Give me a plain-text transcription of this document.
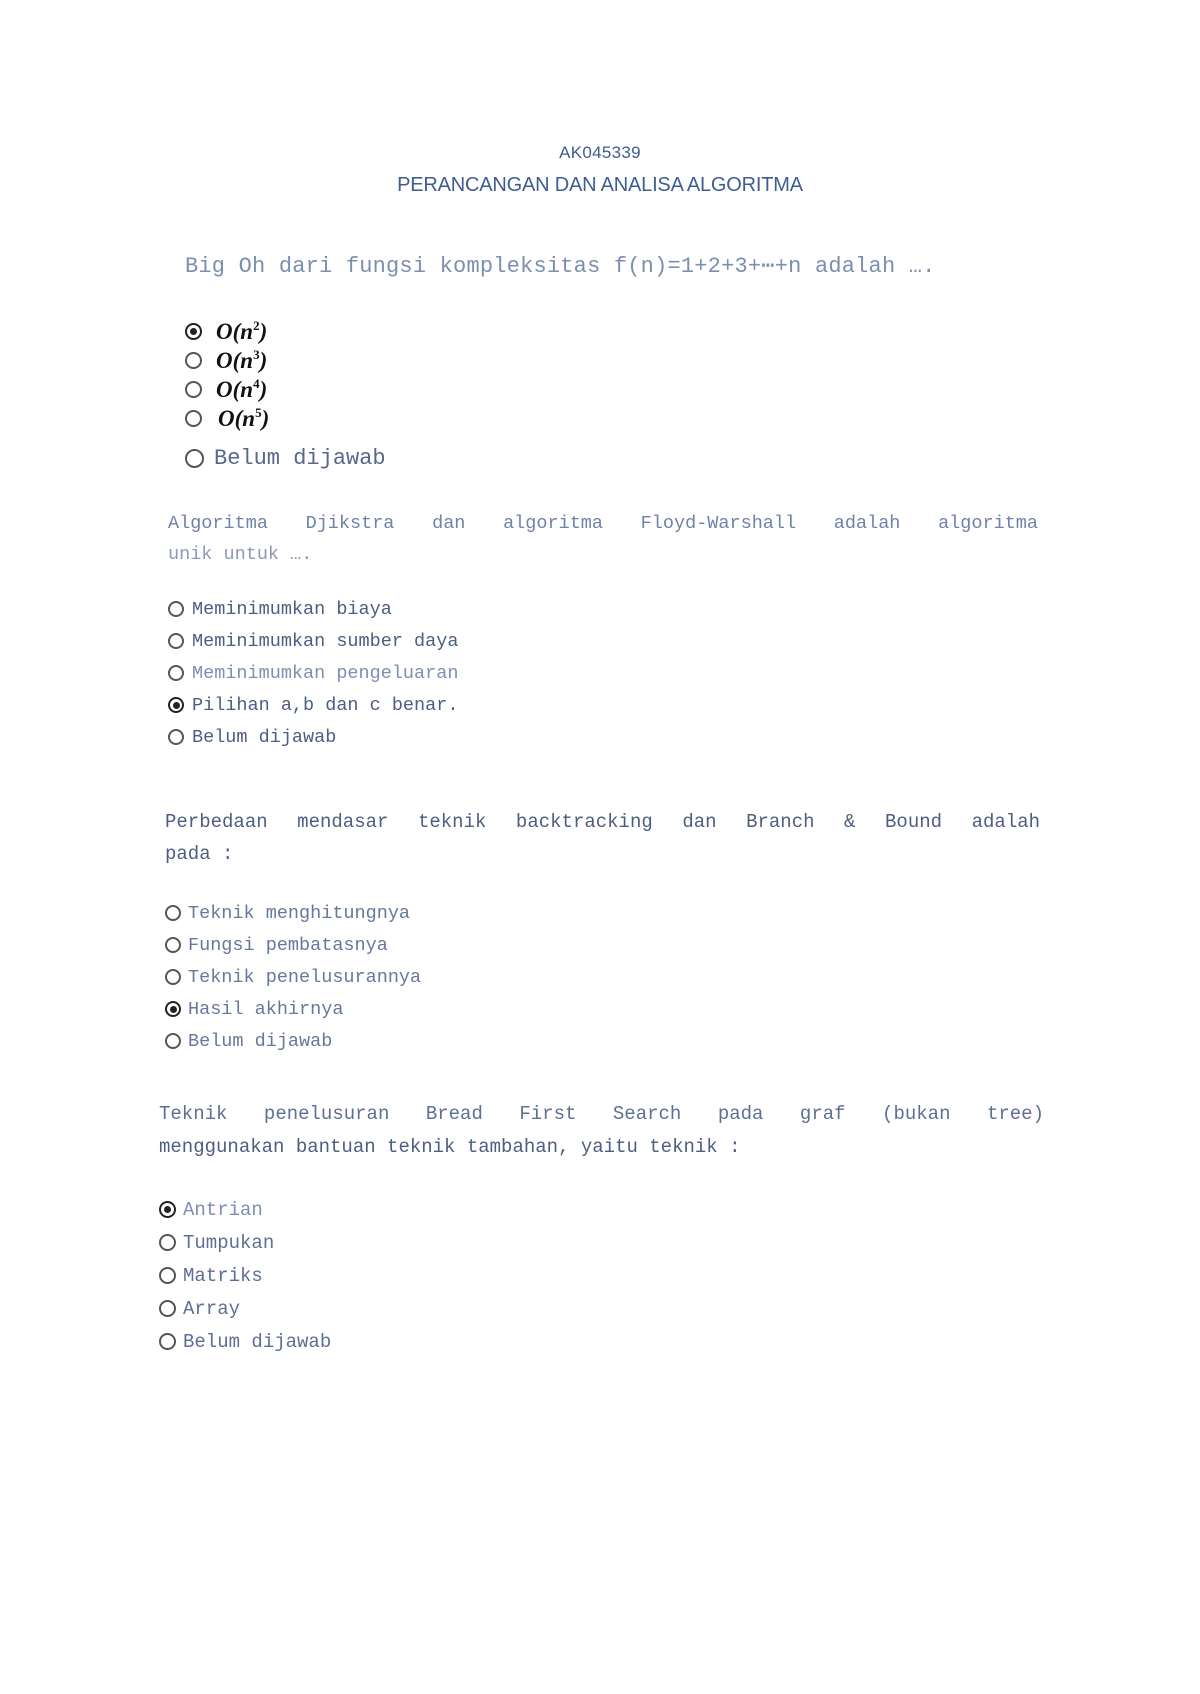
AK045339
PERANCANGAN DAN ANALISA ALGORITMA

Big Oh dari fungsi kompleksitas f(n)=1+2+3+⋯+n adalah ….

$O(n^2)$
$O(n^3)$
$O(n^4)$
$O(n^5)$
Belum dijawab

Algoritma Djikstra dan algoritma Floyd-Warshall adalah algoritma

unik untuk ….

Meminimumkan biaya
Meminimumkan sumber daya
Meminimumkan pengeluaran
Pilihan a,b dan c benar.
Belum dijawab

Perbedaan mendasar teknik backtracking dan Branch & Bound adalah

pada :

Teknik menghitungnya
Fungsi pembatasnya
Teknik penelusurannya
Hasil akhirnya
Belum dijawab

Teknik penelusuran Bread First Search pada graf (bukan tree)

menggunakan bantuan teknik tambahan, yaitu teknik :

Antrian
Tumpukan
Matriks
Array
Belum dijawab
